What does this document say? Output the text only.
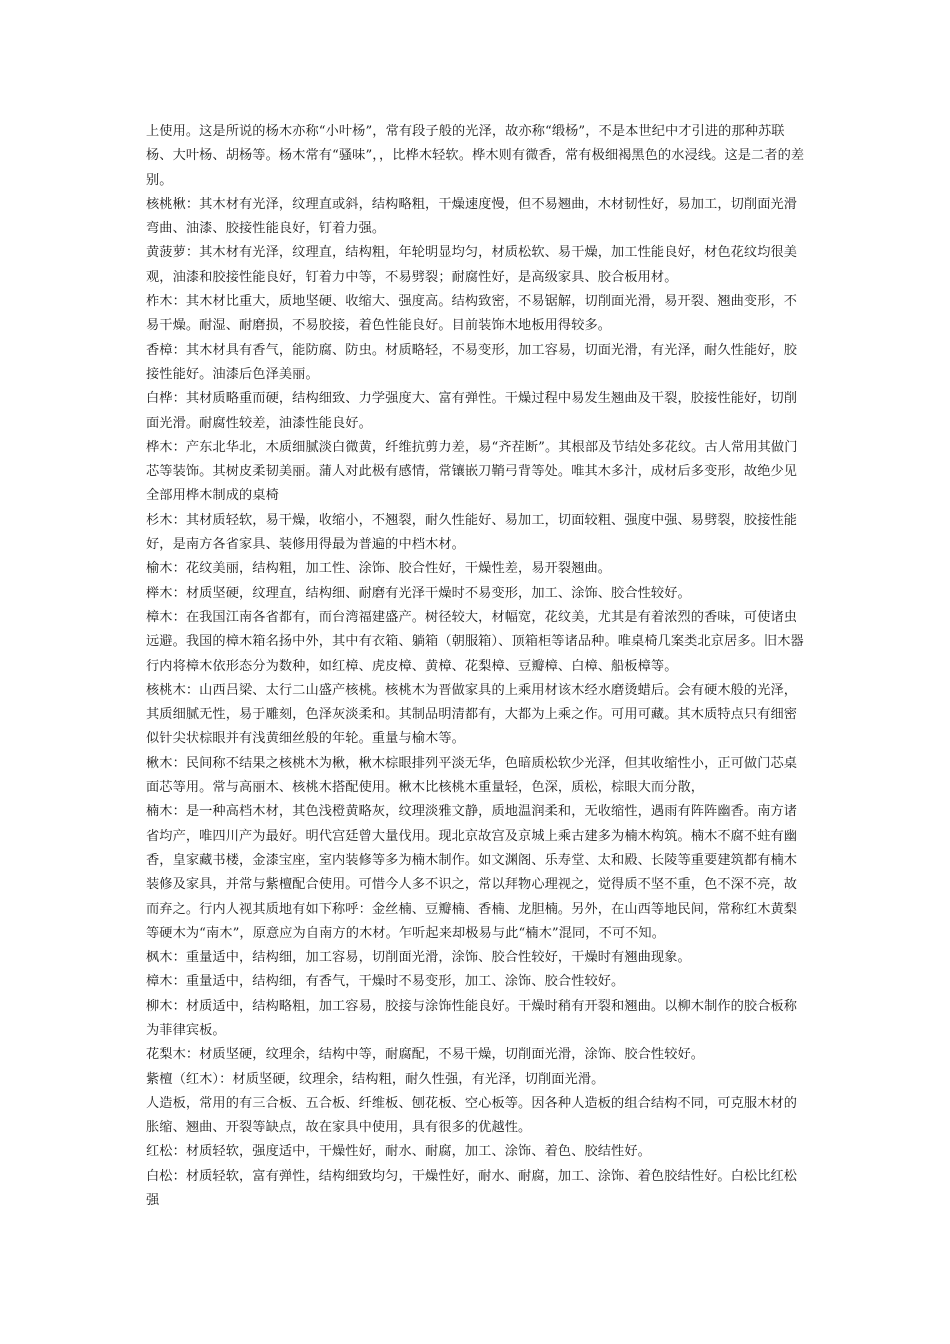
上使用。这是所说的杨木亦称“小叶杨”，常有段子般的光泽，故亦称“缎杨”，不是本世纪中才引进的那种苏联杨、大叶杨、胡杨等。杨木常有“骚味”，，比桦木轻软。桦木则有微香，常有极细褐黑色的水浸线。这是二者的差别。

核桃楸：其木材有光泽，纹理直或斜，结构略粗，干燥速度慢，但不易翘曲，木材韧性好，易加工，切削面光滑弯曲、油漆、胶接性能良好，钉着力强。

黄菠萝：其木材有光泽，纹理直，结构粗，年轮明显均匀，材质松软、易干燥，加工性能良好，材色花纹均很美观，油漆和胶接性能良好，钉着力中等，不易劈裂；耐腐性好，是高级家具、胶合板用材。

柞木：其木材比重大，质地坚硬、收缩大、强度高。结构致密，不易锯解，切削面光滑，易开裂、翘曲变形，不易干燥。耐湿、耐磨损，不易胶接，着色性能良好。目前装饰木地板用得较多。

香樟：其木材具有香气，能防腐、防虫。材质略轻，不易变形，加工容易，切面光滑，有光泽，耐久性能好，胶接性能好。油漆后色泽美丽。

白桦：其材质略重而硬，结构细致、力学强度大、富有弹性。干燥过程中易发生翘曲及干裂，胶接性能好，切削面光滑。耐腐性较差，油漆性能良好。

桦木：产东北华北，木质细腻淡白微黄，纤维抗剪力差，易“齐茬断”。其根部及节结处多花纹。古人常用其做门芯等装饰。其树皮柔韧美丽。蒲人对此极有感情，常镶嵌刀鞘弓背等处。唯其木多汁，成材后多变形，故绝少见全部用桦木制成的桌椅

杉木：其材质轻软，易干燥，收缩小，不翘裂，耐久性能好、易加工，切面较粗、强度中强、易劈裂，胶接性能好，是南方各省家具、装修用得最为普遍的中档木材。

榆木：花纹美丽，结构粗，加工性、涂饰、胶合性好，干燥性差，易开裂翘曲。

榉木：材质坚硬，纹理直，结构细、耐磨有光泽干燥时不易变形，加工、涂饰、胶合性较好。

樟木：在我国江南各省都有，而台湾福建盛产。树径较大，材幅宽，花纹美，尤其是有着浓烈的香味，可使诸虫远避。我国的樟木箱名扬中外，其中有衣箱、躺箱（朝服箱）、顶箱柜等诸品种。唯桌椅几案类北京居多。旧木器行内将樟木依形态分为数种，如红樟、虎皮樟、黄樟、花梨樟、豆瓣樟、白樟、船板樟等。

核桃木：山西吕梁、太行二山盛产核桃。核桃木为晋做家具的上乘用材该木经水磨烫蜡后。会有硬木般的光泽，其质细腻无性，易于雕刻，色泽灰淡柔和。其制品明清都有，大都为上乘之作。可用可藏。其木质特点只有细密似针尖状棕眼并有浅黄细丝般的年轮。重量与榆木等。

楸木：民间称不结果之核桃木为楸，楸木棕眼排列平淡无华，色暗质松软少光泽，但其收缩性小，正可做门芯桌面芯等用。常与高丽木、核桃木搭配使用。楸木比核桃木重量轻，色深，质松，棕眼大而分散，

楠木：是一种高档木材，其色浅橙黄略灰，纹理淡雅文静，质地温润柔和，无收缩性，遇雨有阵阵幽香。南方诸省均产，唯四川产为最好。明代宫廷曾大量伐用。现北京故宫及京城上乘古建多为楠木构筑。楠木不腐不蛀有幽香，皇家藏书楼，金漆宝座，室内装修等多为楠木制作。如文渊阁、乐寿堂、太和殿、长陵等重要建筑都有楠木装修及家具，并常与紫檀配合使用。可惜今人多不识之，常以拜物心理视之，觉得质不坚不重，色不深不亮，故而弃之。行内人视其质地有如下称呼：金丝楠、豆瓣楠、香楠、龙胆楠。另外，在山西等地民间，常称红木黄梨等硬木为“南木”，原意应为自南方的木材。乍听起来却极易与此“楠木”混同，不可不知。

枫木：重量适中，结构细，加工容易，切削面光滑，涂饰、胶合性较好，干燥时有翘曲现象。

樟木：重量适中，结构细，有香气，干燥时不易变形，加工、涂饰、胶合性较好。

柳木：材质适中，结构略粗，加工容易，胶接与涂饰性能良好。干燥时稍有开裂和翘曲。以柳木制作的胶合板称为菲律宾板。

花梨木：材质坚硬，纹理余，结构中等，耐腐配，不易干燥，切削面光滑，涂饰、胶合性较好。

紫檀（红木）：材质坚硬，纹理余，结构粗，耐久性强，有光泽，切削面光滑。

人造板，常用的有三合板、五合板、纤维板、刨花板、空心板等。因各种人造板的组合结构不同，可克服木材的胀缩、翘曲、开裂等缺点，故在家具中使用，具有很多的优越性。

红松：材质轻软，强度适中，干燥性好，耐水、耐腐，加工、涂饰、着色、胶结性好。

白松：材质轻软，富有弹性，结构细致均匀，干燥性好，耐水、耐腐，加工、涂饰、着色胶结性好。白松比红松强
